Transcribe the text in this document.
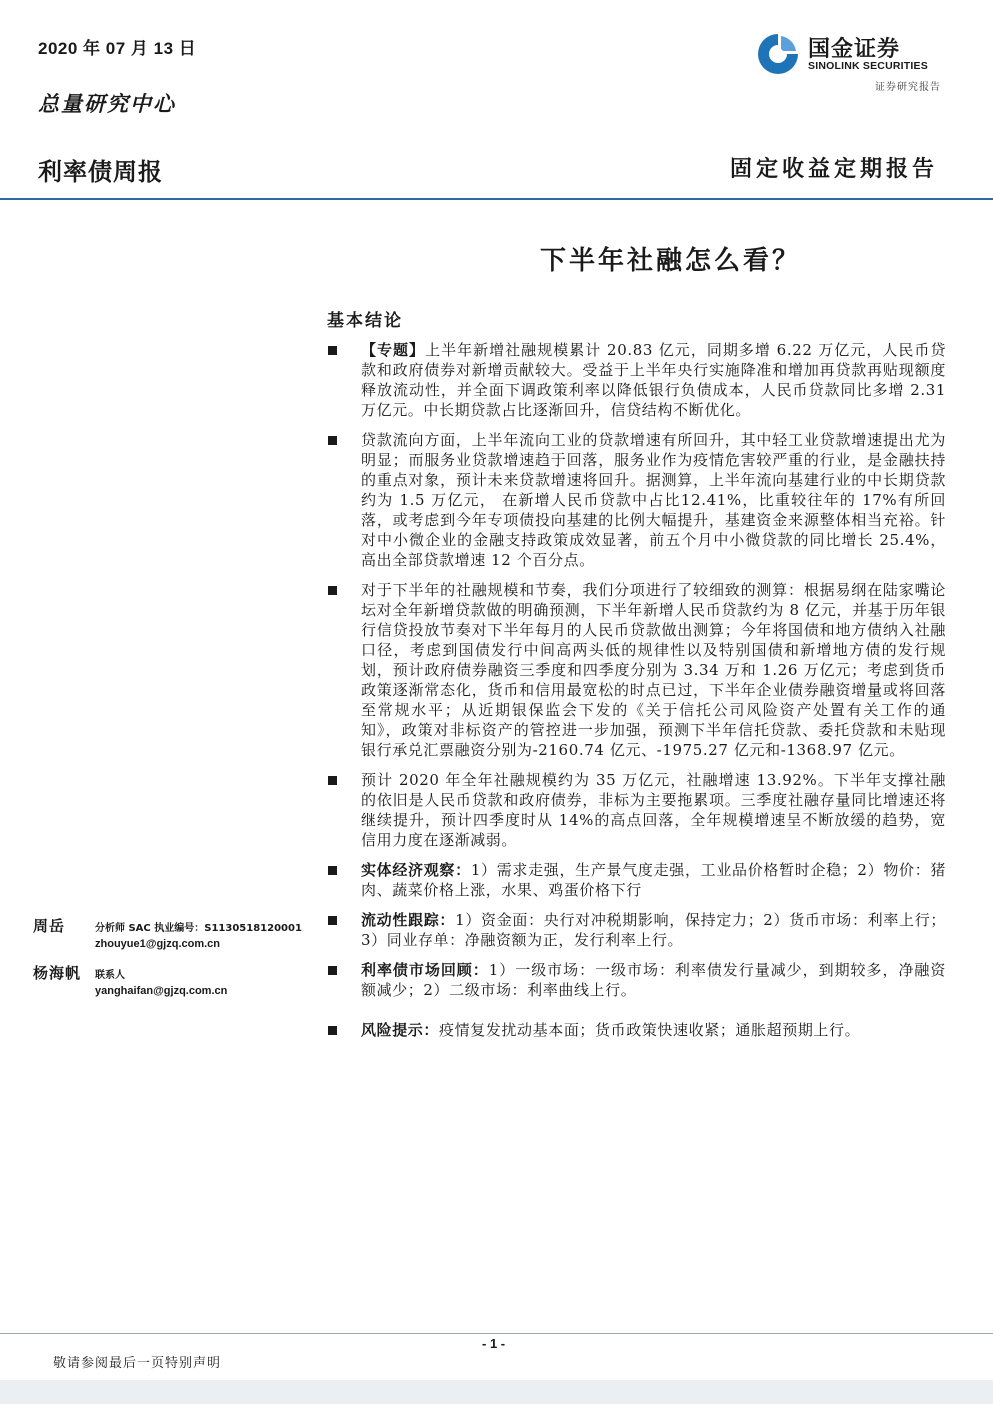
2020 年 07 月 13 日
总量研究中心
利率债周报	固定收益定期报告
国金证券
SINOLINK SECURITIES
证券研究报告
下半年社融怎么看？
基本结论
【专题】上半年新增社融规模累计 20.83 亿元，同期多增 6.22 万亿元，人民币贷款和政府债券对新增贡献较大。受益于上半年央行实施降准和增加再贷款再贴现额度释放流动性，并全面下调政策利率以降低银行负债成本，人民币贷款同比多增 2.31 万亿元。中长期贷款占比逐渐回升，信贷结构不断优化。
贷款流向方面，上半年流向工业的贷款增速有所回升，其中轻工业贷款增速提出尤为明显；而服务业贷款增速趋于回落，服务业作为疫情危害较严重的行业，是金融扶持的重点对象，预计未来贷款增速将回升。据测算，上半年流向基建行业的中长期贷款约为 1.5 万亿元， 在新增人民币贷款中占比12.41%，比重较往年的 17%有所回落，或考虑到今年专项债投向基建的比例大幅提升，基建资金来源整体相当充裕。针对中小微企业的金融支持政策成效显著，前五个月中小微贷款的同比增长 25.4%，高出全部贷款增速 12 个百分点。
对于下半年的社融规模和节奏，我们分项进行了较细致的测算：根据易纲在陆家嘴论坛对全年新增贷款做的明确预测，下半年新增人民币贷款约为 8 亿元，并基于历年银行信贷投放节奏对下半年每月的人民币贷款做出测算；今年将国债和地方债纳入社融口径，考虑到国债发行中间高两头低的规律性以及特别国债和新增地方债的发行规划，预计政府债券融资三季度和四季度分别为 3.34 万和 1.26 万亿元；考虑到货币政策逐渐常态化，货币和信用最宽松的时点已过，下半年企业债券融资增量或将回落至常规水平；从近期银保监会下发的《关于信托公司风险资产处置有关工作的通知》，政策对非标资产的管控进一步加强，预测下半年信托贷款、委托贷款和未贴现银行承兑汇票融资分别为-2160.74 亿元、-1975.27 亿元和-1368.97 亿元。
预计 2020 年全年社融规模约为 35 万亿元，社融增速 13.92%。下半年支撑社融的依旧是人民币贷款和政府债券，非标为主要拖累项。三季度社融存量同比增速还将继续提升，预计四季度时从 14%的高点回落，全年规模增速呈不断放缓的趋势，宽信用力度在逐渐减弱。
实体经济观察：1）需求走强，生产景气度走强，工业品价格暂时企稳；2）物价：猪肉、蔬菜价格上涨，水果、鸡蛋价格下行
流动性跟踪：1）资金面：央行对冲税期影响，保持定力；2）货币市场：利率上行；3）同业存单：净融资额为正，发行利率上行。
利率债市场回顾：1）一级市场：一级市场：利率债发行量减少，到期较多，净融资额减少；2）二级市场：利率曲线上行。
风险提示：疫情复发扰动基本面；货币政策快速收紧；通胀超预期上行。
周岳	分析师 SAC 执业编号：S1130518120001
zhouyue1@gjzq.com.cn
杨海帆 联系人
yanghaifan@gjzq.com.cn
- 1 -
敬请参阅最后一页特别声明
